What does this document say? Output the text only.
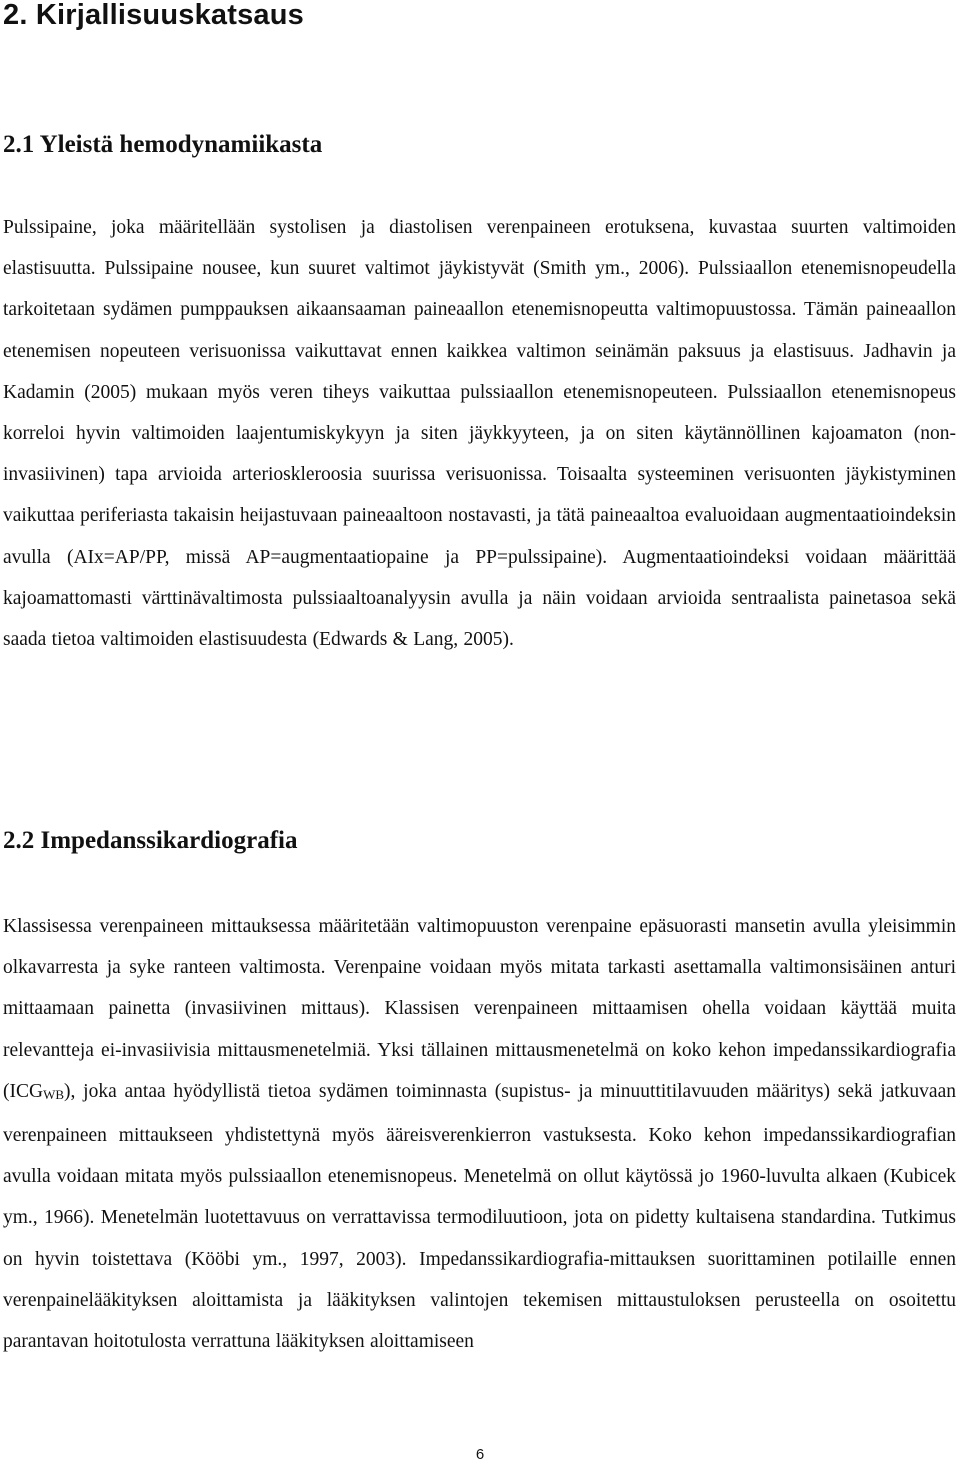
2. Kirjallisuuskatsaus
2.1 Yleistä hemodynamiikasta

Pulssipaine, joka määritellään systolisen ja diastolisen verenpaineen erotuksena, kuvastaa suurten valtimoiden elastisuutta. Pulssipaine nousee, kun suuret valtimot jäykistyvät (Smith ym., 2006). Pulssiaallon etenemisnopeudella tarkoitetaan sydämen pumppauksen aikaansaaman paineaallon etenemisnopeutta valtimopuustossa. Tämän paineaallon etenemisen nopeuteen verisuonissa vaikuttavat ennen kaikkea valtimon seinämän paksuus ja elastisuus. Jadhavin ja Kadamin (2005) mukaan myös veren tiheys vaikuttaa pulssiaallon etenemisnopeuteen. Pulssiaallon etenemisnopeus korreloi hyvin valtimoiden laajentumiskykyyn ja siten jäykkyyteen, ja on siten käytännöllinen kajoamaton (non-invasiivinen) tapa arvioida arterioskleroosia suurissa verisuonissa. Toisaalta systeeminen verisuonten jäykistyminen vaikuttaa periferiasta takaisin heijastuvaan paineaaltoon nostavasti, ja tätä paineaaltoa evaluoidaan augmentaatioindeksin avulla (AIx=AP/PP, missä AP=augmentaatiopaine ja PP=pulssipaine). Augmentaatioindeksi voidaan määrittää kajoamattomasti värttinävaltimosta pulssiaaltoanalyysin avulla ja näin voidaan arvioida sentraalista painetasoa sekä saada tietoa valtimoiden elastisuudesta (Edwards & Lang, 2005).

2.2 Impedanssikardiografia

Klassisessa verenpaineen mittauksessa määritetään valtimopuuston verenpaine epäsuorasti mansetin avulla yleisimmin olkavarresta ja syke ranteen valtimosta. Verenpaine voidaan myös mitata tarkasti asettamalla valtimonsisäinen anturi mittaamaan painetta (invasiivinen mittaus). Klassisen verenpaineen mittaamisen ohella voidaan käyttää muita relevantteja ei-invasiivisia mittausmenetelmiä. Yksi tällainen mittausmenetelmä on koko kehon impedanssikardiografia (ICGWB), joka antaa hyödyllistä tietoa sydämen toiminnasta (supistus- ja minuuttitilavuuden määritys) sekä jatkuvaan verenpaineen mittaukseen yhdistettynä myös ääreisverenkierron vastuksesta. Koko kehon impedanssikardiografian avulla voidaan mitata myös pulssiaallon etenemisnopeus. Menetelmä on ollut käytössä jo 1960-luvulta alkaen (Kubicek ym., 1966). Menetelmän luotettavuus on verrattavissa termodiluutioon, jota on pidetty kultaisena standardina. Tutkimus on hyvin toistettava (Kööbi ym., 1997, 2003). Impedanssikardiografia-mittauksen suorittaminen potilaille ennen verenpainelääkityksen aloittamista ja lääkityksen valintojen tekemisen mittaustuloksen perusteella on osoitettu parantavan hoitotulosta verrattuna lääkityksen aloittamiseen

6
